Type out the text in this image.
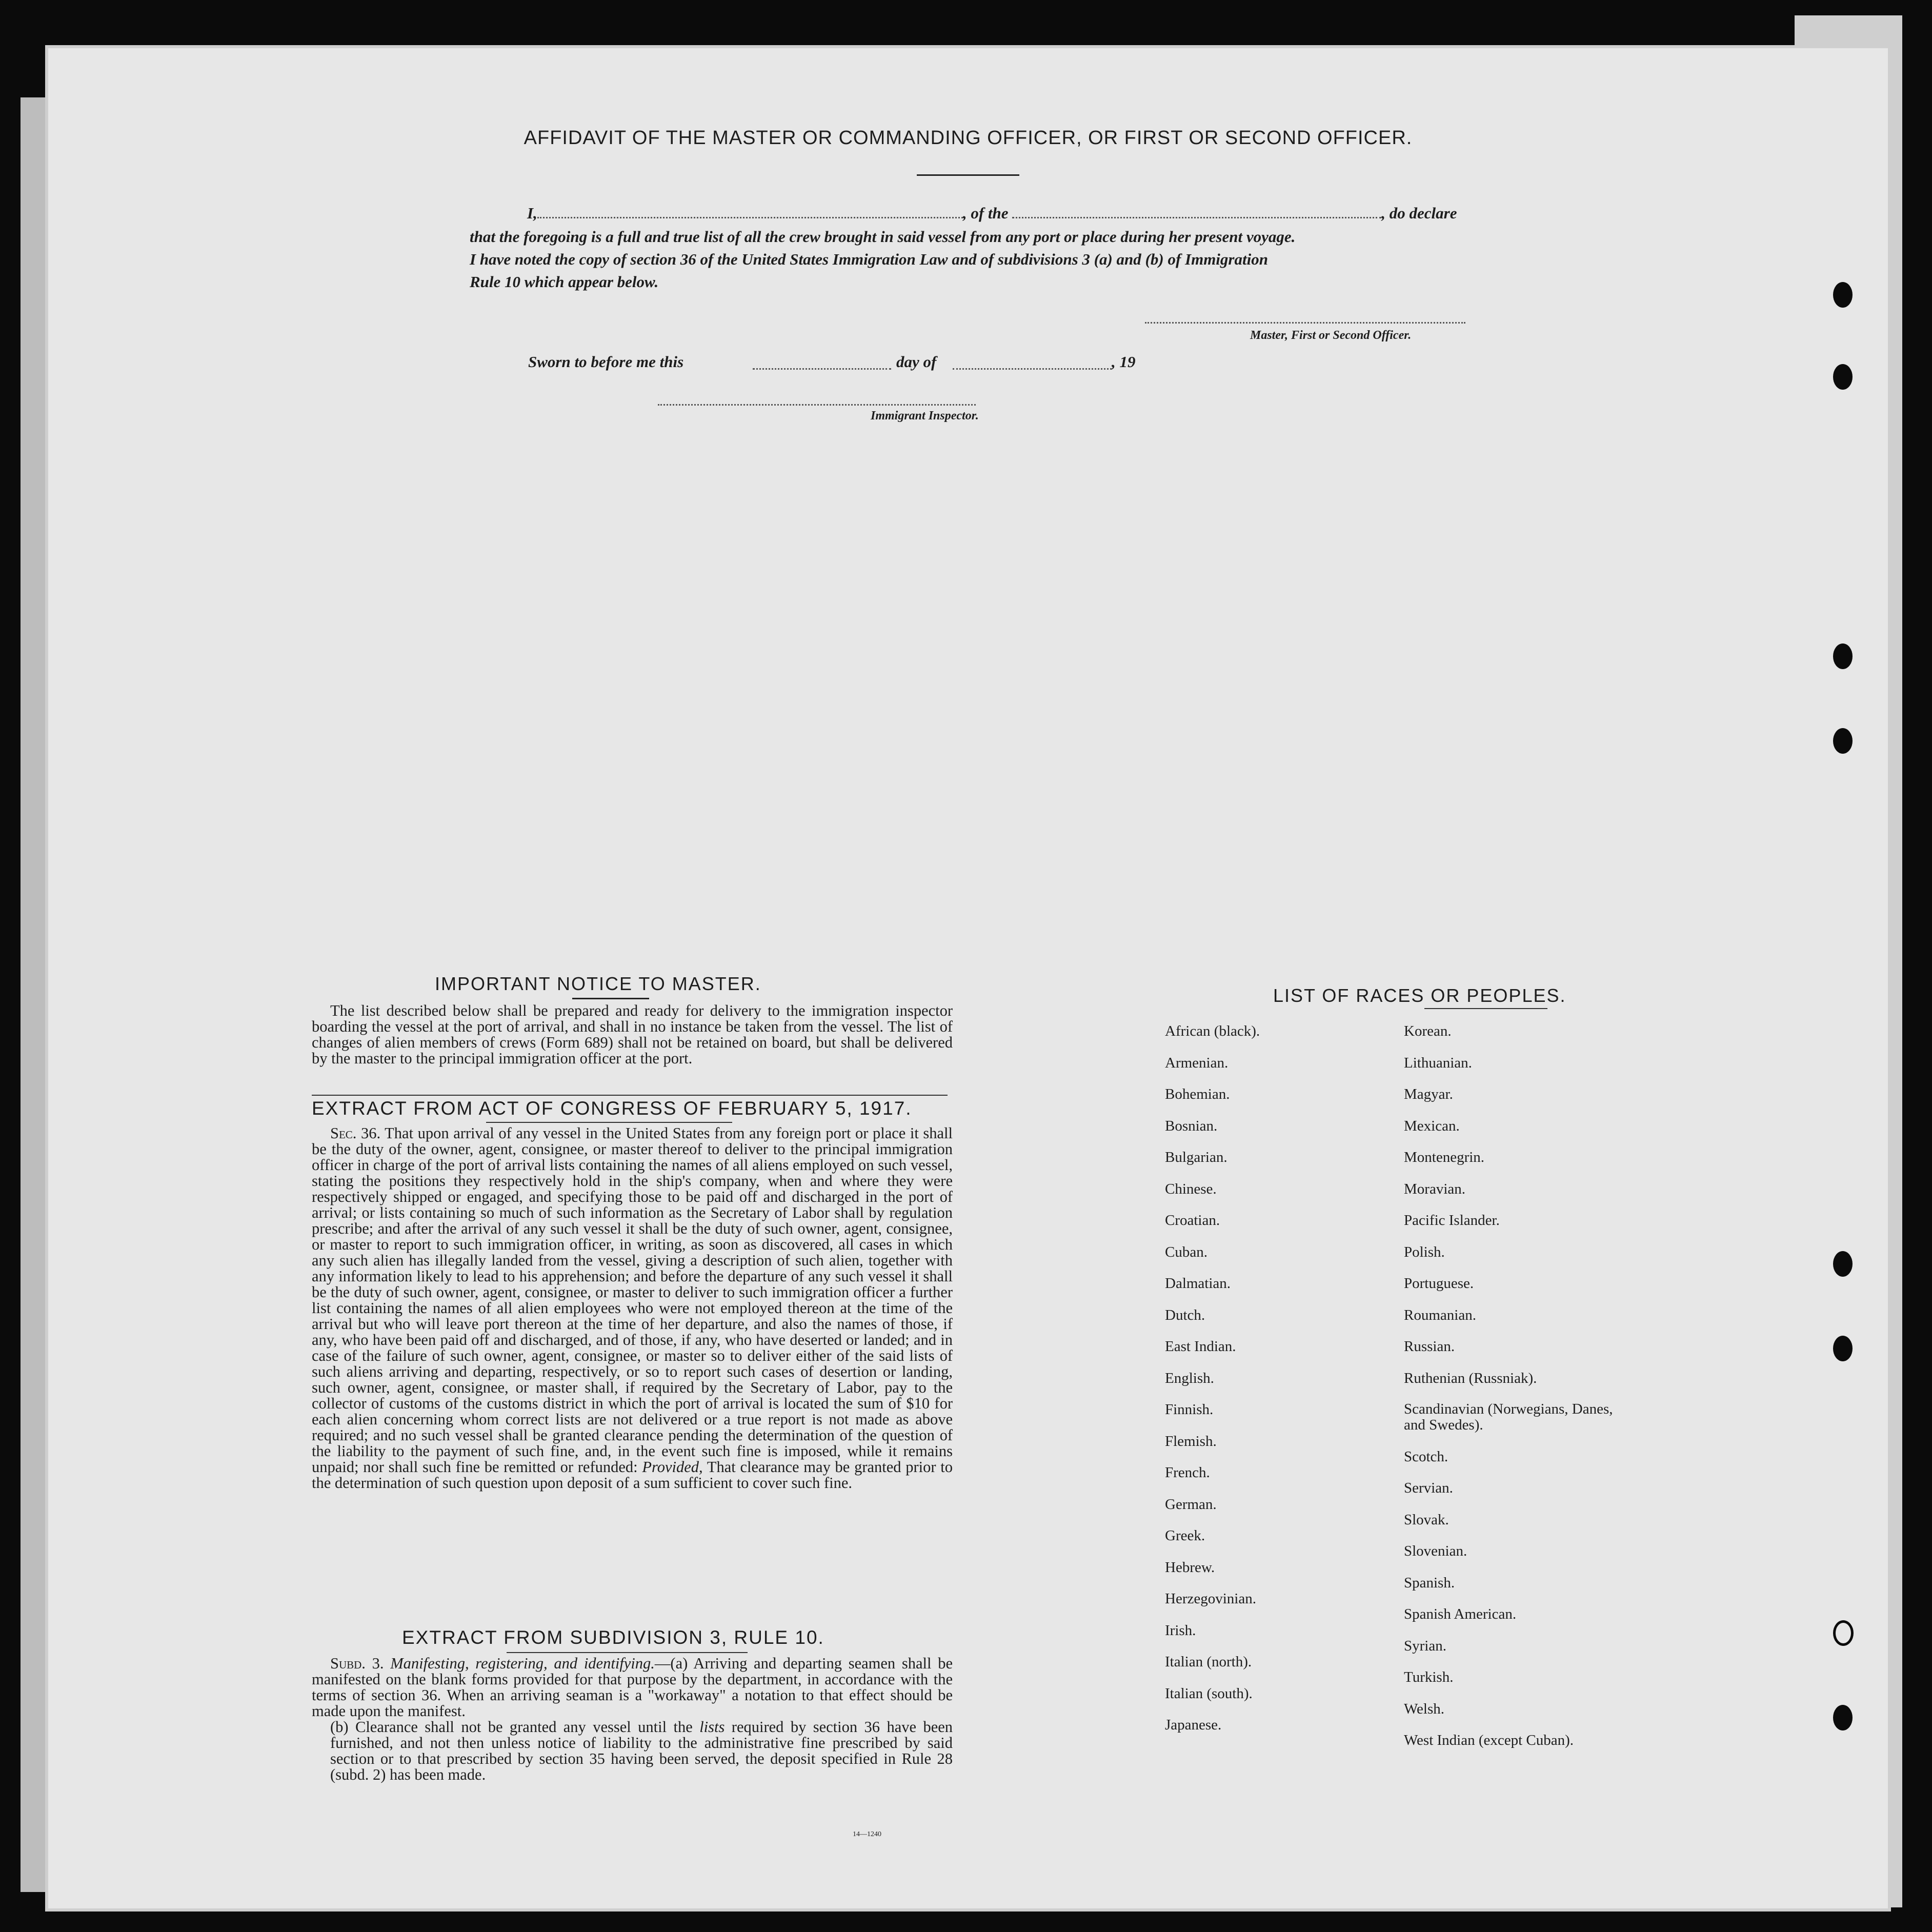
AFFIDAVIT OF THE MASTER OR COMMANDING OFFICER, OR FIRST OR SECOND OFFICER.
I,	, of the	, do declare
that the foregoing is a full and true list of all the crew brought in said vessel from any port or place during her present voyage.
I have noted the copy of section 36 of the United States Immigration Law and of subdivisions 3 (a) and (b) of Immigration
Rule 10 which appear below.
Master, First or Second Officer.
Sworn to before me this	day of	, 19
Immigrant Inspector.
IMPORTANT NOTICE TO MASTER.
The list described below shall be prepared and ready for delivery to the immigration inspector boarding the vessel at the port of arrival, and shall in no instance be taken from the vessel. The list of changes of alien members of crews (Form 689) shall not be retained on board, but shall be delivered by the master to the principal immigration officer at the port.
EXTRACT FROM ACT OF CONGRESS OF FEBRUARY 5, 1917.
Sec. 36. That upon arrival of any vessel in the United States from any foreign port or place it shall be the duty of the owner, agent, consignee, or master thereof to deliver to the principal immigration officer in charge of the port of arrival lists containing the names of all aliens employed on such vessel, stating the positions they respectively hold in the ship's company, when and where they were respectively shipped or engaged, and specifying those to be paid off and discharged in the port of arrival; or lists containing so much of such information as the Secretary of Labor shall by regulation prescribe; and after the arrival of any such vessel it shall be the duty of such owner, agent, consignee, or master to report to such immigration officer, in writing, as soon as discovered, all cases in which any such alien has illegally landed from the vessel, giving a description of such alien, together with any information likely to lead to his apprehension; and before the departure of any such vessel it shall be the duty of such owner, agent, consignee, or master to deliver to such immigration officer a further list containing the names of all alien employees who were not employed thereon at the time of the arrival but who will leave port thereon at the time of her departure, and also the names of those, if any, who have been paid off and discharged, and of those, if any, who have deserted or landed; and in case of the failure of such owner, agent, consignee, or master so to deliver either of the said lists of such aliens arriving and departing, respectively, or so to report such cases of desertion or landing, such owner, agent, consignee, or master shall, if required by the Secretary of Labor, pay to the collector of customs of the customs district in which the port of arrival is located the sum of $10 for each alien concerning whom correct lists are not delivered or a true report is not made as above required; and no such vessel shall be granted clearance pending the determination of the question of the liability to the payment of such fine, and, in the event such fine is imposed, while it remains unpaid; nor shall such fine be remitted or refunded: Provided, That clearance may be granted prior to the determination of such question upon deposit of a sum sufficient to cover such fine.
EXTRACT FROM SUBDIVISION 3, RULE 10.
Subd. 3. Manifesting, registering, and identifying.—(a) Arriving and departing seamen shall be manifested on the blank forms provided for that purpose by the department, in accordance with the terms of section 36. When an arriving seaman is a "workaway" a notation to that effect should be made upon the manifest.
(b) Clearance shall not be granted any vessel until the lists required by section 36 have been furnished, and not then unless notice of liability to the administrative fine prescribed by said section or to that prescribed by section 35 having been served, the deposit specified in Rule 28 (subd. 2) has been made.
14—1240
LIST OF RACES OR PEOPLES.
African (black).
Armenian.
Bohemian.
Bosnian.
Bulgarian.
Chinese.
Croatian.
Cuban.
Dalmatian.
Dutch.
East Indian.
English.
Finnish.
Flemish.
French.
German.
Greek.
Hebrew.
Herzegovinian.
Irish.
Italian (north).
Italian (south).
Japanese.
Korean.
Lithuanian.
Magyar.
Mexican.
Montenegrin.
Moravian.
Pacific Islander.
Polish.
Portuguese.
Roumanian.
Russian.
Ruthenian (Russniak).
Scandinavian (Norwegians, Danes, and Swedes).
Scotch.
Servian.
Slovak.
Slovenian.
Spanish.
Spanish American.
Syrian.
Turkish.
Welsh.
West Indian (except Cuban).
